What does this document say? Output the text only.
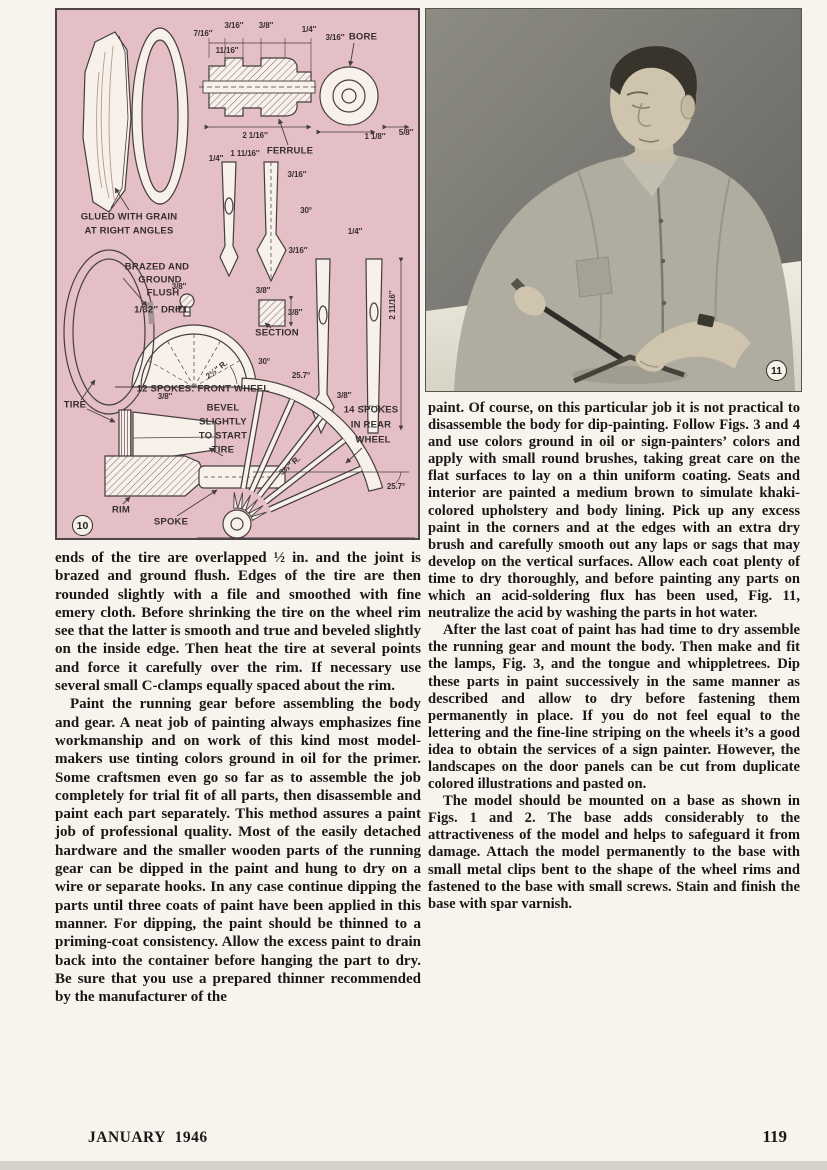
7/16″
3/16″ 3/8″	1/4″
3/16″ BORE
11/16″
2 1/16″	1 1/8″ 5/8″
FERRULE
1/4″
1 11/16″
3/16″
30°
1/4″
3/16″
2 11/16″
GLUED WITH GRAIN
AT RIGHT ANGLES
BRAZED AND
GROUND
FLUSH
1/32″ DRILL
3/8″	3/8″
3/8″
SECTION
30°
2½″ R.	25.7°
12 SPOKES: FRONT WHEEL
TIRE
3/8″	3/8″
BEVEL
SLIGHTLY
TO START
TIRE
14 SPOKES
IN REAR
WHEEL
3½″ R.
25.7°
RIM
SPOKE
10
11

ends of the tire are overlapped ½ in. and the joint is brazed and ground flush. Edges of the tire are then rounded slightly with a file and smoothed with fine emery cloth. Before shrinking the tire on the wheel rim see that the latter is smooth and true and beveled slightly on the inside edge. Then heat the tire at several points and force it carefully over the rim. If necessary use several small C-clamps equally spaced about the rim.

Paint the running gear before assembling the body and gear. A neat job of painting always emphasizes fine workmanship and on work of this kind most model-makers use tinting colors ground in oil for the primer. Some craftsmen even go so far as to assemble the job completely for trial fit of all parts, then disassemble and paint each part separately. This method assures a paint job of professional quality. Most of the easily detached hardware and the smaller wooden parts of the running gear can be dipped in the paint and hung to dry on a wire or separate hooks. In any case continue dipping the parts until three coats of paint have been applied in this manner. For dipping, the paint should be thinned to a priming-coat consistency. Allow the excess paint to drain back into the container before hanging the part to dry. Be sure that you use a prepared thinner recommended by the manufacturer of the

paint. Of course, on this particular job it is not practical to disassemble the body for dip-painting. Follow Figs. 3 and 4 and use colors ground in oil or sign-painters’ colors and apply with small round brushes, taking great care on the flat surfaces to lay on a thin uniform coating. Seats and interior are painted a medium brown to simulate khaki-colored upholstery and body lining. Pick up any excess paint in the corners and at the edges with an extra dry brush and carefully smooth out any laps or sags that may develop on the vertical surfaces. Allow each coat plenty of time to dry thoroughly, and before painting any parts on which an acid-soldering flux has been used, Fig. 11, neutralize the acid by washing the parts in hot water.

After the last coat of paint has had time to dry assemble the running gear and mount the body. Then make and fit the lamps, Fig. 3, and the tongue and whippletrees. Dip these parts in paint successively in the same manner as described and allow to dry before fastening them permanently in place. If you do not feel equal to the lettering and the fine-line striping on the wheels it’s a good idea to obtain the services of a sign painter. However, the landscapes on the door panels can be cut from duplicate colored illustrations and pasted on.

The model should be mounted on a base as shown in Figs. 1 and 2. The base adds considerably to the attractiveness of the model and helps to safeguard it from damage. Attach the model permanently to the base with small metal clips bent to the shape of the wheel rims and fastened to the base with small screws. Stain and finish the base with spar varnish.

JANUARY 1946	119
